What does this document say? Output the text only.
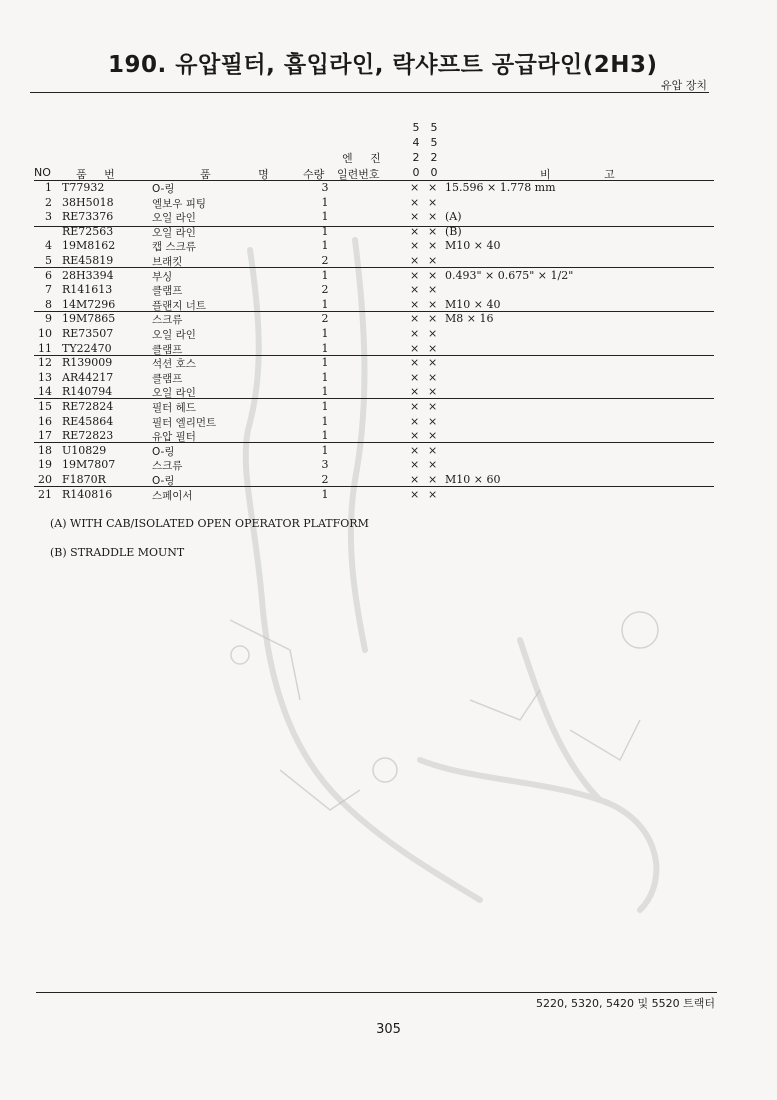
190. 유압필터, 흡입라인, 락샤프트 공급라인(2H3)
유압 장치
5
4
2
0
5
5
2
0
엔 진
NO 품 번	품 명	수량 일련번호	비 고
1 T77932	O-링	3	× × 15.596 × 1.778 mm
2 38H5018	엘보우 피팅	1	× ×
3 RE73376	오일 라인	1	× × (A)
RE72563	오일 라인	1	× × (B)
4 19M8162	캡 스크류	1	× × M10 × 40
5 RE45819	브래킷	2	× ×
6 28H3394	부싱	1	× × 0.493" × 0.675" × 1/2"
7 R141613	클램프	2	× ×
8 14M7296	플랜지 너트	1	× × M10 × 40
9 19M7865	스크류	2	× × M8 × 16
10 RE73507	오일 라인	1	× ×
11 TY22470	클램프	1	× ×
12 R139009	석션 호스	1	× ×
13 AR44217	클램프	1	× ×
14 R140794	오일 라인	1	× ×
15 RE72824	필터 헤드	1	× ×
16 RE45864	필터 엘리먼트	1	× ×
17 RE72823	유압 필터	1	× ×
18 U10829	O-링	1	× ×
19 19M7807	스크류	3	× ×
20 F1870R	O-링	2	× × M10 × 60
21 R140816	스페이서	1	× ×
(A) WITH CAB/ISOLATED OPEN OPERATOR PLATFORM
(B) STRADDLE MOUNT
5220, 5320, 5420 및 5520 트랙터
305
